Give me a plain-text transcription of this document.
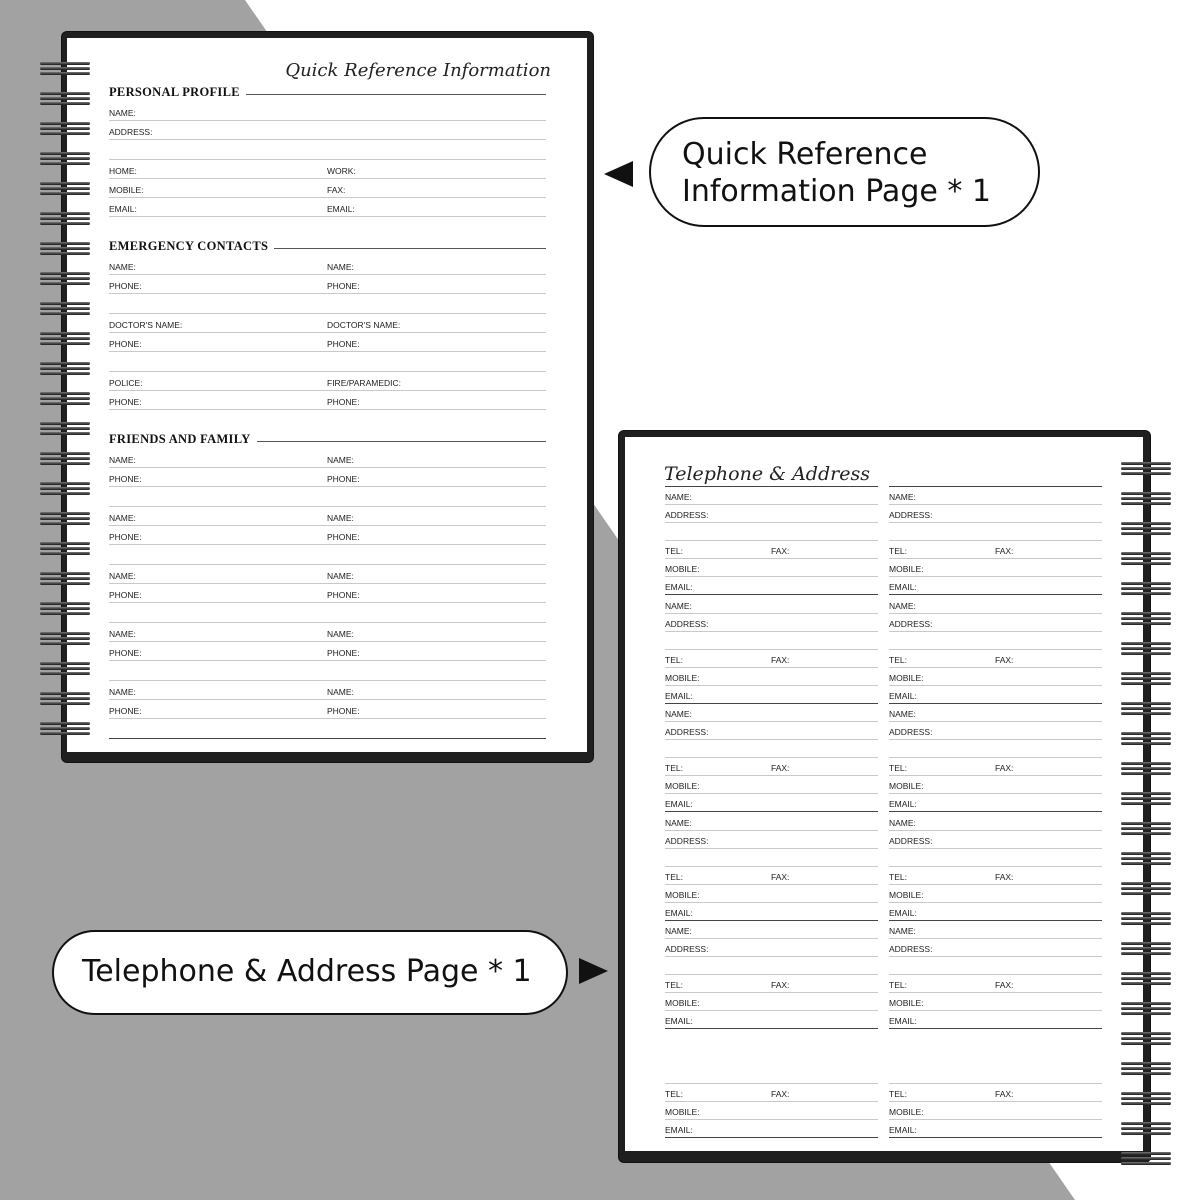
Quick Reference Information
PERSONAL PROFILE
NAME:
ADDRESS:
HOME:	WORK:
MOBILE:	FAX:
EMAIL:	EMAIL:
EMERGENCY CONTACTS
NAME:	NAME:
PHONE:	PHONE:
DOCTOR'S NAME:	DOCTOR'S NAME:
PHONE:	PHONE:
POLICE:	FIRE/PARAMEDIC:
PHONE:	PHONE:
FRIENDS AND FAMILY
NAME:	NAME:
PHONE:	PHONE:
NAME:	NAME:
PHONE:	PHONE:
NAME:	NAME:
PHONE:	PHONE:
NAME:	NAME:
PHONE:	PHONE:
NAME:	NAME:
PHONE:	PHONE:
Telephone & Address
NAME:
ADDRESS:
TEL:	FAX:
MOBILE:
EMAIL:
NAME:
ADDRESS:
TEL:	FAX:
MOBILE:
EMAIL:
NAME:
ADDRESS:
TEL:	FAX:
MOBILE:
EMAIL:
NAME:
ADDRESS:
TEL:	FAX:
MOBILE:
EMAIL:
NAME:
ADDRESS:
TEL:	FAX:
MOBILE:
EMAIL:
TEL:	FAX:
MOBILE:
EMAIL:
NAME:
ADDRESS:
TEL:	FAX:
MOBILE:
EMAIL:
NAME:
ADDRESS:
TEL:	FAX:
MOBILE:
EMAIL:
NAME:
ADDRESS:
TEL:	FAX:
MOBILE:
EMAIL:
NAME:
ADDRESS:
TEL:	FAX:
MOBILE:
EMAIL:
NAME:
ADDRESS:
TEL:	FAX:
MOBILE:
EMAIL:
TEL:	FAX:
MOBILE:
EMAIL:
Quick Reference
Information Page * 1
Telephone & Address Page * 1
